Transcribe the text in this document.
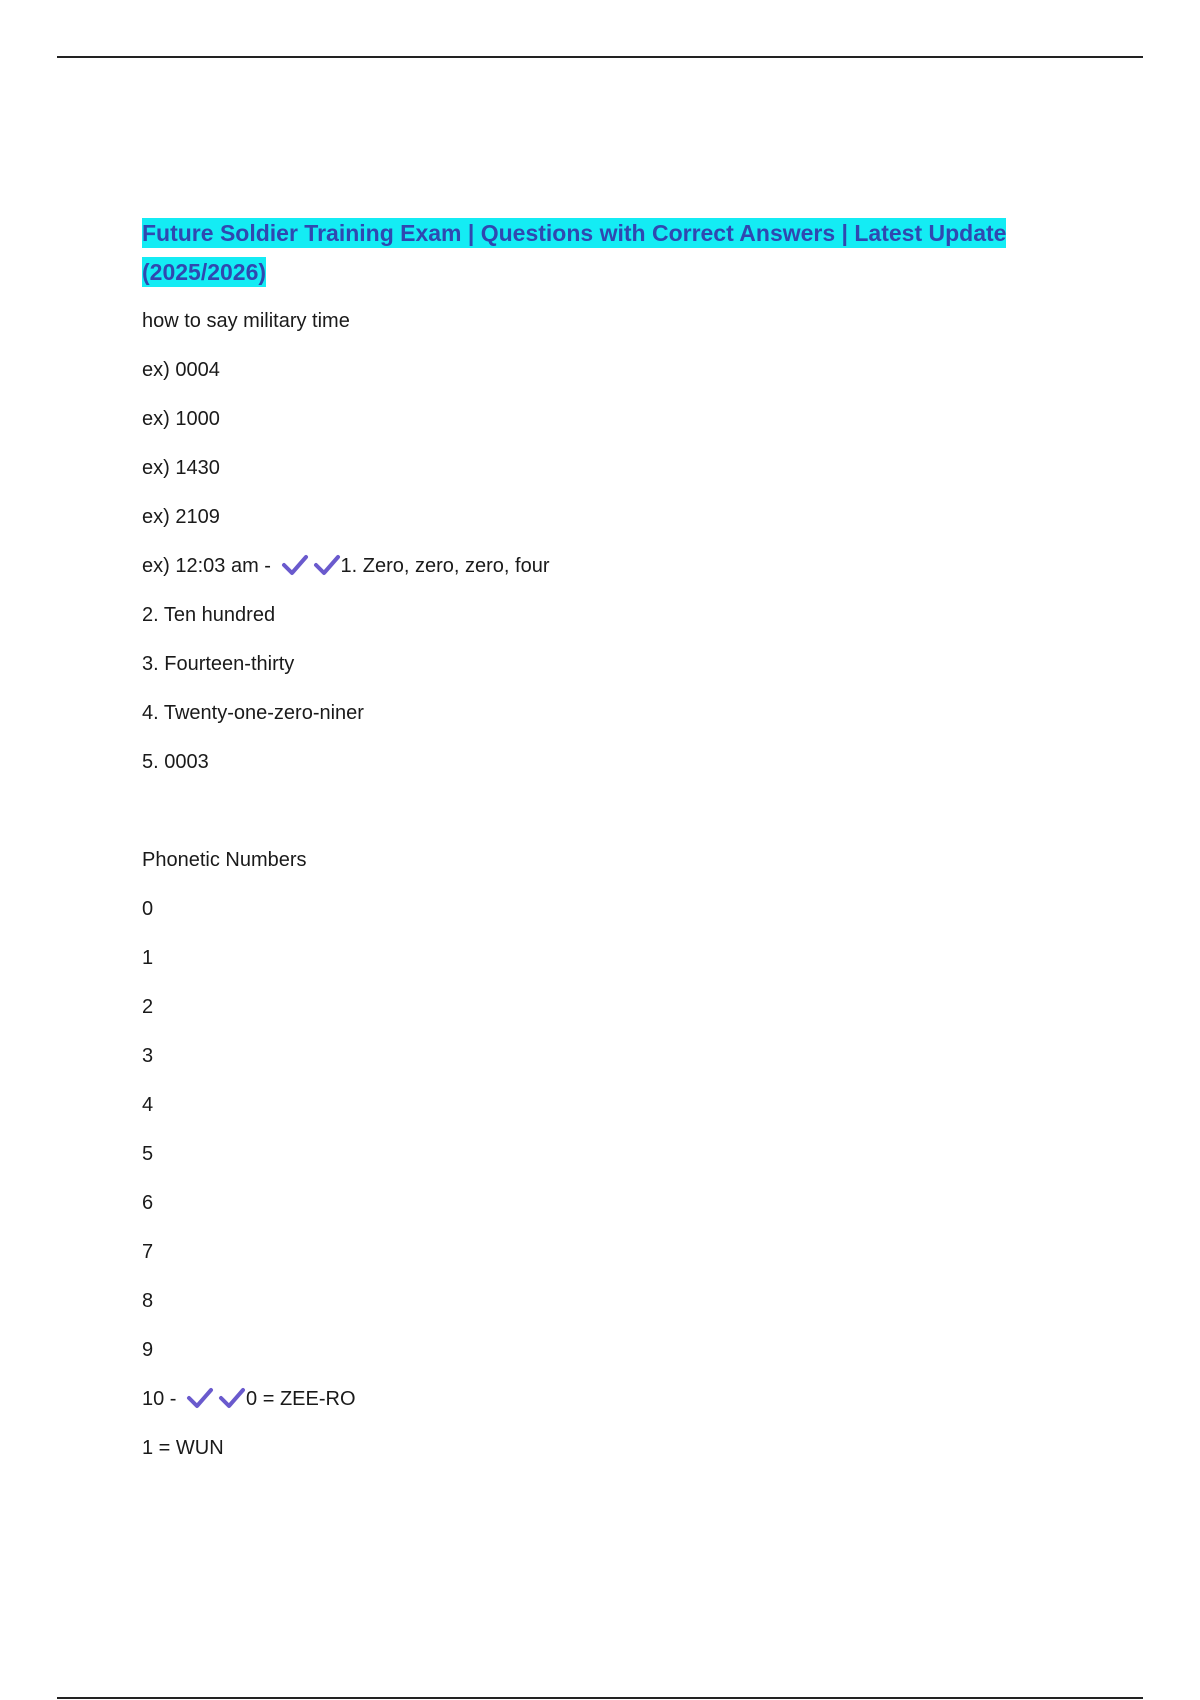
Future Soldier Training Exam | Questions with Correct Answers | Latest Update (2025/2026)
how to say military time
ex) 0004
ex) 1000
ex) 1430
ex) 2109
ex) 12:03 am -	1. Zero, zero, zero, four
2. Ten hundred
3. Fourteen-thirty
4. Twenty-one-zero-niner
5. 0003
Phonetic Numbers
0
1
2
3
4
5
6
7
8
9
10 -	0 = ZEE-RO
1 = WUN
